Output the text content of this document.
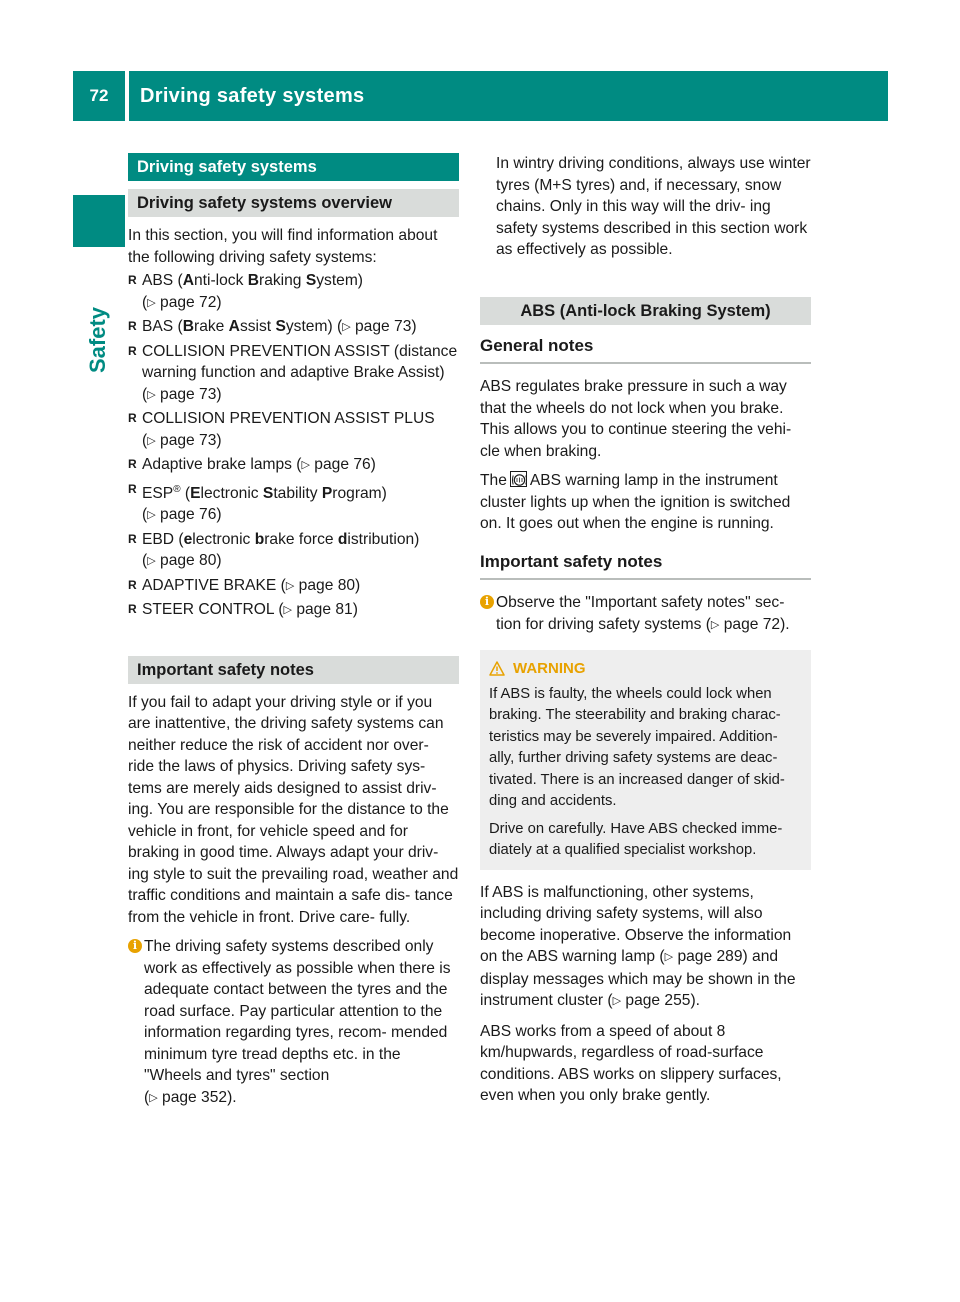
72	Driving safety systems
Safety
Driving safety systems
Driving safety systems overview

In this section, you will find information about the following driving safety systems:

R ABS (Anti-lock Braking System)
(▷ page 72)
R BAS (Brake Assist System) (▷ page 73)
R COLLISION PREVENTION ASSIST (distance warning function and adaptive Brake Assist) (▷ page 73)
R COLLISION PREVENTION ASSIST PLUS
(▷ page 73)
R Adaptive brake lamps (▷ page 76)
R ESP® (Electronic Stability Program)
(▷ page 76)
R EBD (electronic brake force distribution)
(▷ page 80)
R ADAPTIVE BRAKE (▷ page 80)
R STEER CONTROL (▷ page 81)
Important safety notes

If you fail to adapt your driving style or if you are inattentive, the driving safety systems can neither reduce the risk of accident nor over- ride the laws of physics. Driving safety sys- tems are merely aids designed to assist driv- ing. You are responsible for the distance to the vehicle in front, for vehicle speed and for braking in good time. Always adapt your driv- ing style to suit the prevailing road, weather and traffic conditions and maintain a safe dis- tance from the vehicle in front. Drive care- fully.

i The driving safety systems described only work as effectively as possible when there is adequate contact between the tyres and the road surface. Pay particular attention to the information regarding tyres, recom- mended minimum tyre tread depths etc. in the "Wheels and tyres" section
(▷ page 352).
In wintry driving conditions, always use winter tyres (M+S tyres) and, if necessary, snow chains. Only in this way will the driv- ing safety systems described in this section work as effectively as possible.
ABS (Anti-lock Braking System)
General notes

ABS regulates brake pressure in such a way that the wheels do not lock when you brake. This allows you to continue steering the vehi- cle when braking.

The ABS warning lamp in the instrument cluster lights up when the ignition is switched on. It goes out when the engine is running.

Important safety notes
i Observe the "Important safety notes" sec- tion for driving safety systems (▷ page 72).
WARNING

If ABS is faulty, the wheels could lock when braking. The steerability and braking charac- teristics may be severely impaired. Addition- ally, further driving safety systems are deac- tivated. There is an increased danger of skid- ding and accidents.

Drive on carefully. Have ABS checked imme- diately at a qualified specialist workshop.

If ABS is malfunctioning, other systems, including driving safety systems, will also become inoperative. Observe the information on the ABS warning lamp (▷ page 289) and display messages which may be shown in the instrument cluster (▷ page 255).

ABS works from a speed of about 8 km/hupwards, regardless of road-surface conditions. ABS works on slippery surfaces, even when you only brake gently.
